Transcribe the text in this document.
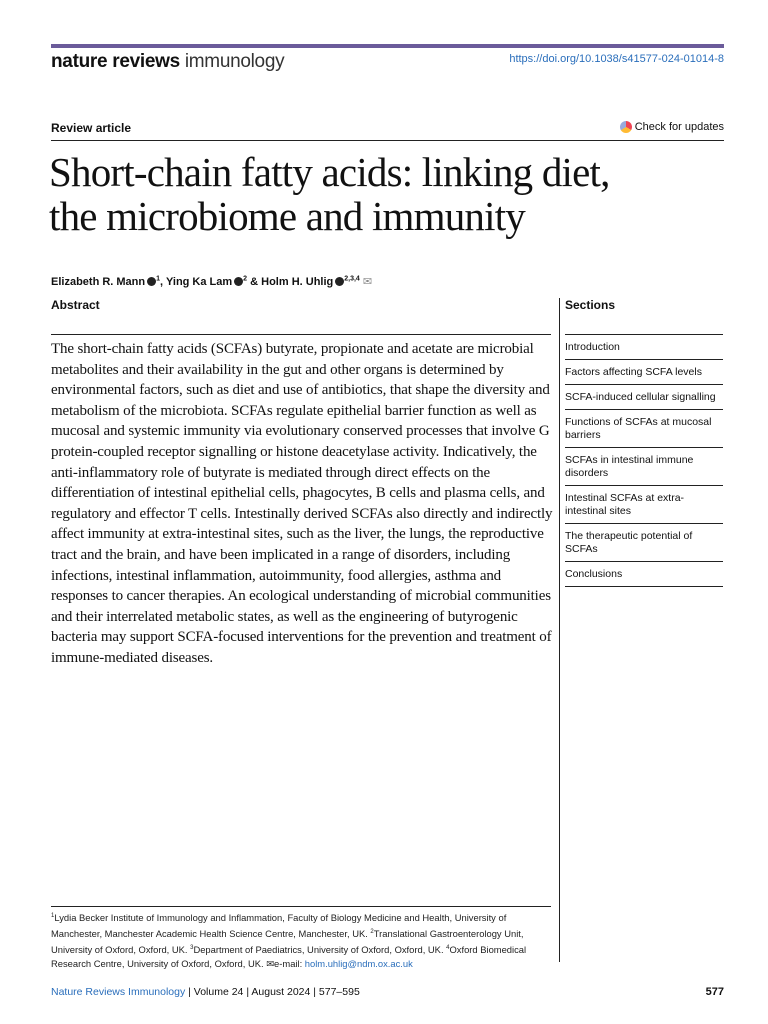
nature reviews immunology	https://doi.org/10.1038/s41577-024-01014-8
Review article	Check for updates
Short-chain fatty acids: linking diet,
the microbiome and immunity
Elizabeth R. Mann $^1$, Ying Ka Lam $^2$ & Holm H. Uhlig $^{2,3,4}$ ✉
Abstract

The short-chain fatty acids (SCFAs) butyrate, propionate and acetate are microbial metabolites and their availability in the gut and other organs is determined by environmental factors, such as diet and use of antibiotics, that shape the diversity and metabolism of the microbiota. SCFAs regulate epithelial barrier function as well as mucosal and systemic immunity via evolutionary conserved processes that involve G protein-coupled receptor signalling or histone deacetylase activity. Indicatively, the anti-inflammatory role of butyrate is mediated through direct effects on the differentiation of intestinal epithelial cells, phagocytes, B cells and plasma cells, and regulatory and effector T cells. Intestinally derived SCFAs also directly and indirectly affect immunity at extra-intestinal sites, such as the liver, the lungs, the reproductive tract and the brain, and have been implicated in a range of disorders, including infections, intestinal inflammation, autoimmunity, food allergies, asthma and responses to cancer therapies. An ecological understanding of microbial communities and their interrelated metabolic states, as well as the engineering of butyrogenic bacteria may support SCFA-focused interventions for the prevention and treatment of immune-mediated diseases.

Sections
Introduction
Factors affecting SCFA levels
SCFA-induced cellular signalling
Functions of SCFAs at mucosal barriers
SCFAs in intestinal immune disorders
Intestinal SCFAs at extra-intestinal sites
The therapeutic potential of SCFAs
Conclusions
$^1$Lydia Becker Institute of Immunology and Inflammation, Faculty of Biology Medicine and Health, University of Manchester, Manchester Academic Health Science Centre, Manchester, UK. $^2$Translational Gastroenterology Unit, University of Oxford, Oxford, UK. $^3$Department of Paediatrics, University of Oxford, Oxford, UK. $^4$Oxford Biomedical Research Centre, University of Oxford, Oxford, UK. ✉e-mail: holm.uhlig@ndm.ox.ac.uk
Nature Reviews Immunology | Volume 24 | August 2024 | 577–595	577
